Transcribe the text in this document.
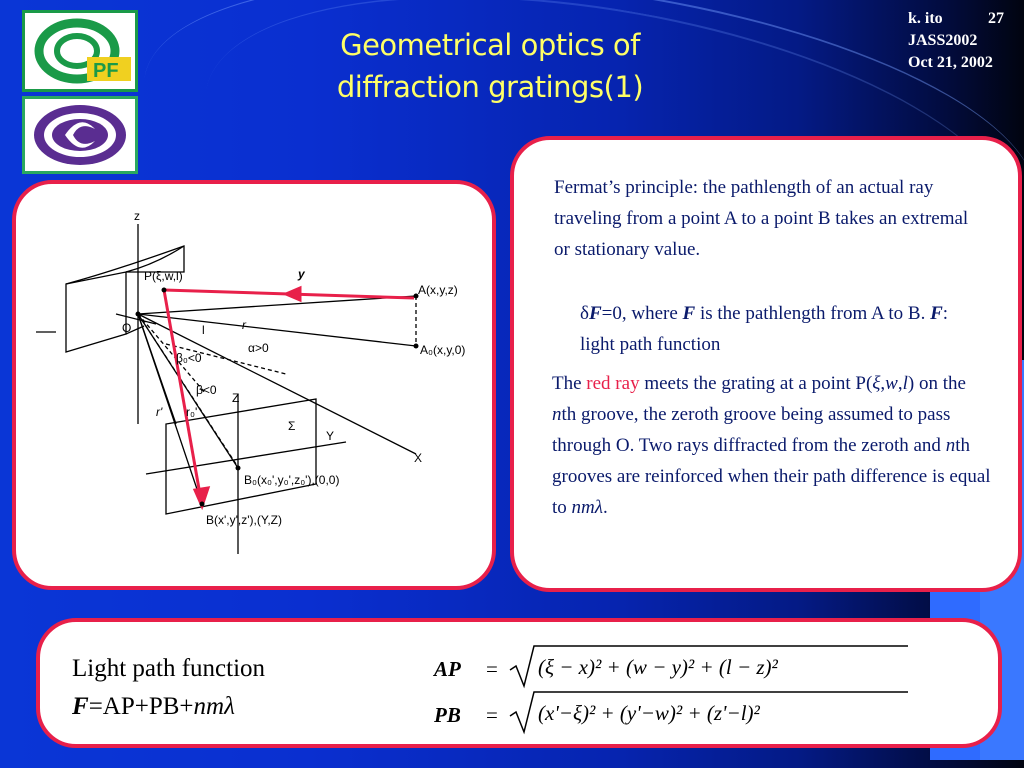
PF
Geometrical optics of
diffraction gratings(1)
k. ito	27
JASS2002
Oct 21, 2002
z
P(ξ,w,l)	y
A(x,y,z)
O	r
α>0	A₀(x,y,0)
β₀<0
β<0
Z
r₀'
Σ
Y
r'
X
B₀(x₀',y₀',z₀'),(0,0)
B(x',y',z'),(Y,Z)
l
Fermat’s principle: the pathlength of an actual ray traveling from a point A to a point B takes an extremal or stationary value.
δF=0, where F is the pathlength from A to B. F: light path function
The red ray meets the grating at a point P(ξ,w,l) on the nth groove, the zeroth groove being assumed to pass through O. Two rays diffracted from the zeroth and nth grooves are reinforced when their path difference is equal to nmλ.
Light path function
F=AP+PB+nmλ
AP = (ξ − x)² + (w − y)² + (l − z)²
PB = (x'−ξ)² + (y'−w)² + (z'−l)²
